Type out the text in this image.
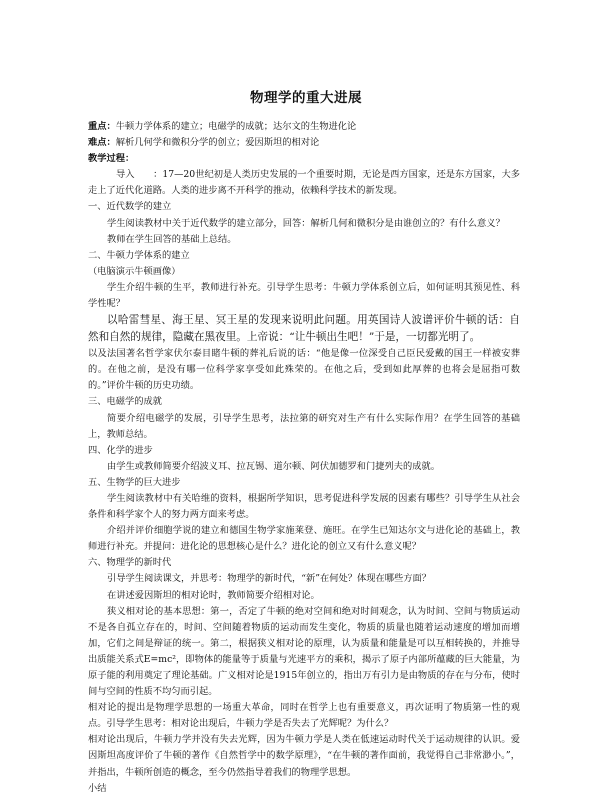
物理学的重大进展

重点：牛顿力学体系的建立；电磁学的成就；达尔文的生物进化论

难点：解析几何学和微积分学的创立；爱因斯坦的相对论

教学过程：

导入　　：17—20世纪初是人类历史发展的一个重要时期，无论是西方国家，还是东方国家，大多走上了近代化道路。人类的进步离不开科学的推动，依赖科学技术的新发现。

一、近代数学的建立

学生阅读教材中关于近代数学的建立部分，回答：解析几何和微积分是由谁创立的？有什么意义？

教师在学生回答的基础上总结。

二、牛顿力学体系的建立

（电脑演示牛顿画像）

学生介绍牛顿的生平，教师进行补充。引导学生思考：牛顿力学体系创立后，如何证明其预见性、科学性呢？

以哈雷彗星、海王星、冥王星的发现来说明此问题。用英国诗人波谱评价牛顿的话：自然和自然的规律，隐藏在黑夜里。上帝说：“让牛顿出生吧！”于是，一切都光明了。

以及法国著名哲学家伏尔泰目睹牛顿的葬礼后说的话：“他是像一位深受自己臣民爱戴的国王一样被安葬的。在他之前，是没有哪一位科学家享受如此殊荣的。在他之后，受到如此厚葬的也将会是屈指可数的。”评价牛顿的历史功绩。

三、电磁学的成就

简要介绍电磁学的发展，引导学生思考，法拉第的研究对生产有什么实际作用？在学生回答的基础上，教师总结。

四、化学的进步

由学生或教师简要介绍波义耳、拉瓦锡、道尔顿、阿伏加德罗和门捷列夫的成就。

五、生物学的巨大进步

学生阅读教材中有关哈维的资料，根据所学知识，思考促进科学发展的因素有哪些？引导学生从社会条件和科学家个人的努力两方面来考虑。

介绍并评价细胞学说的建立和德国生物学家施莱登、施旺。在学生已知达尔文与进化论的基础上，教师进行补充。并提问：进化论的思想核心是什么？进化论的创立又有什么意义呢？

六、物理学的新时代

引导学生阅读课文，并思考：物理学的新时代，“新”在何处？体现在哪些方面？

在讲述爱因斯坦的相对论时，教师简要介绍相对论。

狭义相对论的基本思想：第一，否定了牛顿的绝对空间和绝对时间观念，认为时间、空间与物质运动不是各自孤立存在的，时间、空间随着物质的运动而发生变化，物质的质量也随着运动速度的增加而增加，它们之间是辩证的统一。第二，根据狭义相对论的原理，认为质量和能量是可以互相转换的，并推导出质能关系式E=mc²，即物体的能量等于质量与光速平方的乘积，揭示了原子内部所蕴藏的巨大能量，为原子能的利用奠定了理论基础。广义相对论是1915年创立的，指出万有引力是由物质的存在与分布，使时间与空间的性质不均匀而引起。

相对论的提出是物理学思想的一场重大革命，同时在哲学上也有重要意义，再次证明了物质第一性的观点。引导学生思考：相对论出现后，牛顿力学是否失去了光辉呢？为什么？

相对论出现后，牛顿力学并没有失去光辉，因为牛顿力学是人类在低速运动时代关于运动规律的认识。爱因斯坦高度评价了牛顿的著作《自然哲学中的数学原理》，“在牛顿的著作面前，我觉得自己非常渺小。”，并指出，牛顿所创造的概念，至今仍然指导着我们的物理学思想。

小结
